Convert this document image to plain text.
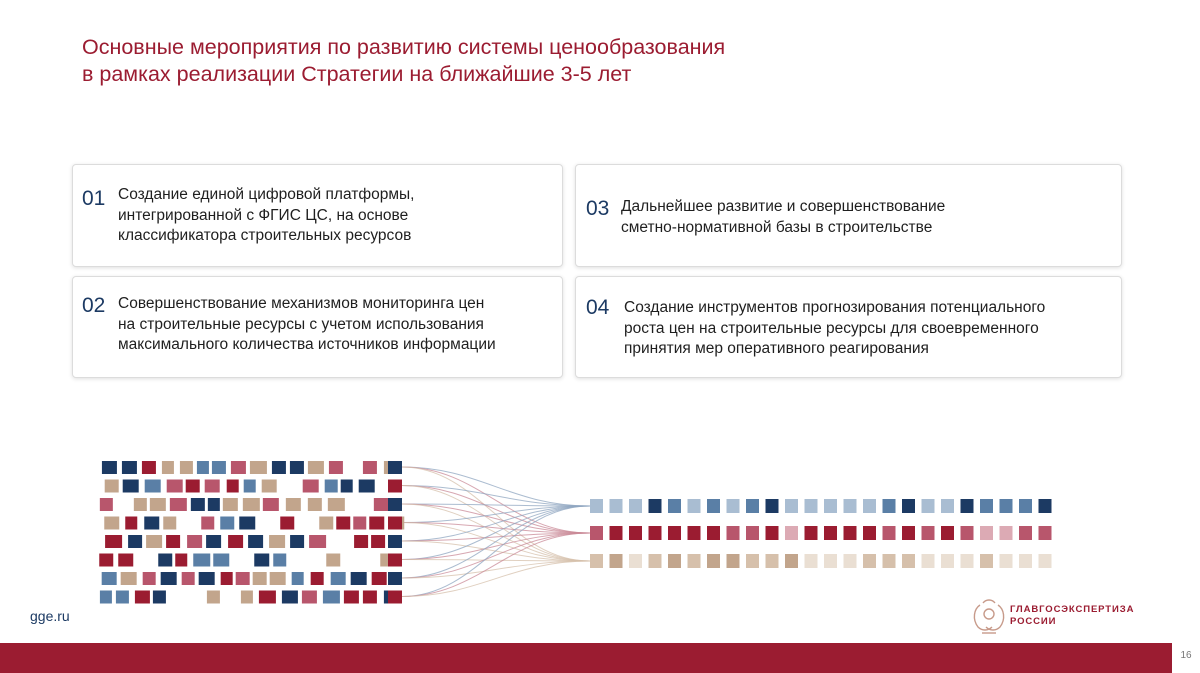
Основные мероприятия по развитию системы ценообразования
в рамках реализации Стратегии на ближайшие 3-5 лет
01 Создание единой цифровой платформы,
интегрированной с ФГИС ЦС, на основе
классификатора строительных ресурсов
02 Совершенствование механизмов мониторинга цен
на строительные ресурсы с учетом использования
максимального количества источников информации
03 Дальнейшее развитие и совершенствование
сметно-нормативной базы в строительстве
04 Создание инструментов прогнозирования потенциального
роста цен на строительные ресурсы для своевременного
принятия мер оперативного реагирования
gge.ru	ГЛАВГОСЭКСПЕРТИЗА
РОССИИ
16
